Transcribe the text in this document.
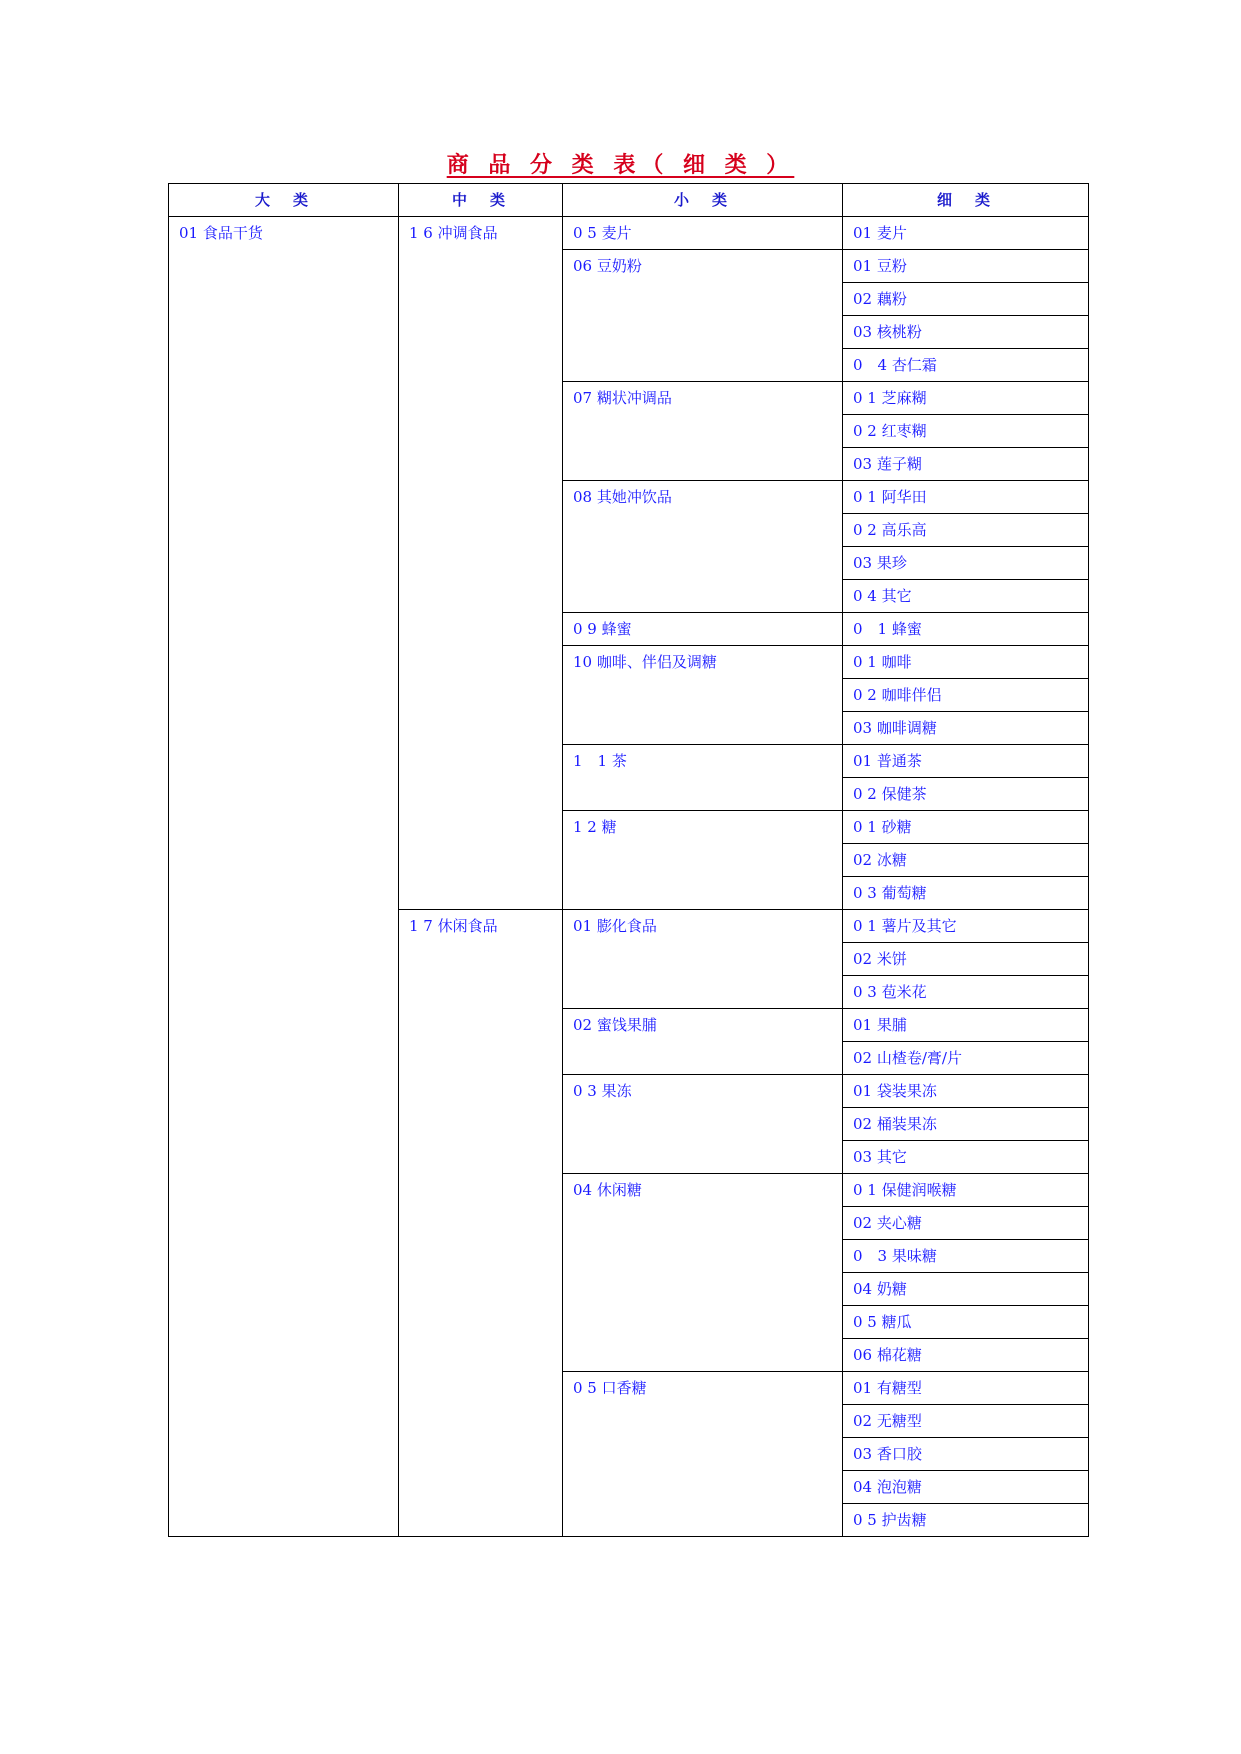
商 品 分 类 表（ 细 类 ）
大　类	中　类	小　类	细　类
01 食品干货	1 6 冲调食品	0 5 麦片	01 麦片
		06 豆奶粉	01 豆粉
			02 藕粉
			03 核桃粉
			0　4 杏仁霜
		07 糊状冲调品	0 1 芝麻糊
			0 2 红枣糊
			03 莲子糊
		08 其她冲饮品	0 1 阿华田
			0 2 高乐高
			03 果珍
			0 4 其它
		0 9 蜂蜜	0　1 蜂蜜
		10 咖啡、伴侣及调糖	0 1 咖啡
			0 2 咖啡伴侣
			03 咖啡调糖
		1　1 茶	01 普通茶
			0 2 保健茶
		1 2 糖	0 1 砂糖
			02 冰糖
			0 3 葡萄糖
	1 7 休闲食品	01 膨化食品	0 1 薯片及其它
			02 米饼
			0 3 苞米花
		02 蜜饯果脯	01 果脯
			02 山楂卷/膏/片
		0 3 果冻	01 袋装果冻
			02 桶装果冻
			03 其它
		04 休闲糖	0 1 保健润喉糖
			02 夹心糖
			0　3 果味糖
			04 奶糖
			0 5 糖瓜
			06 棉花糖
		0 5 口香糖	01 有糖型
			02 无糖型
			03 香口胶
			04 泡泡糖
			0 5 护齿糖
